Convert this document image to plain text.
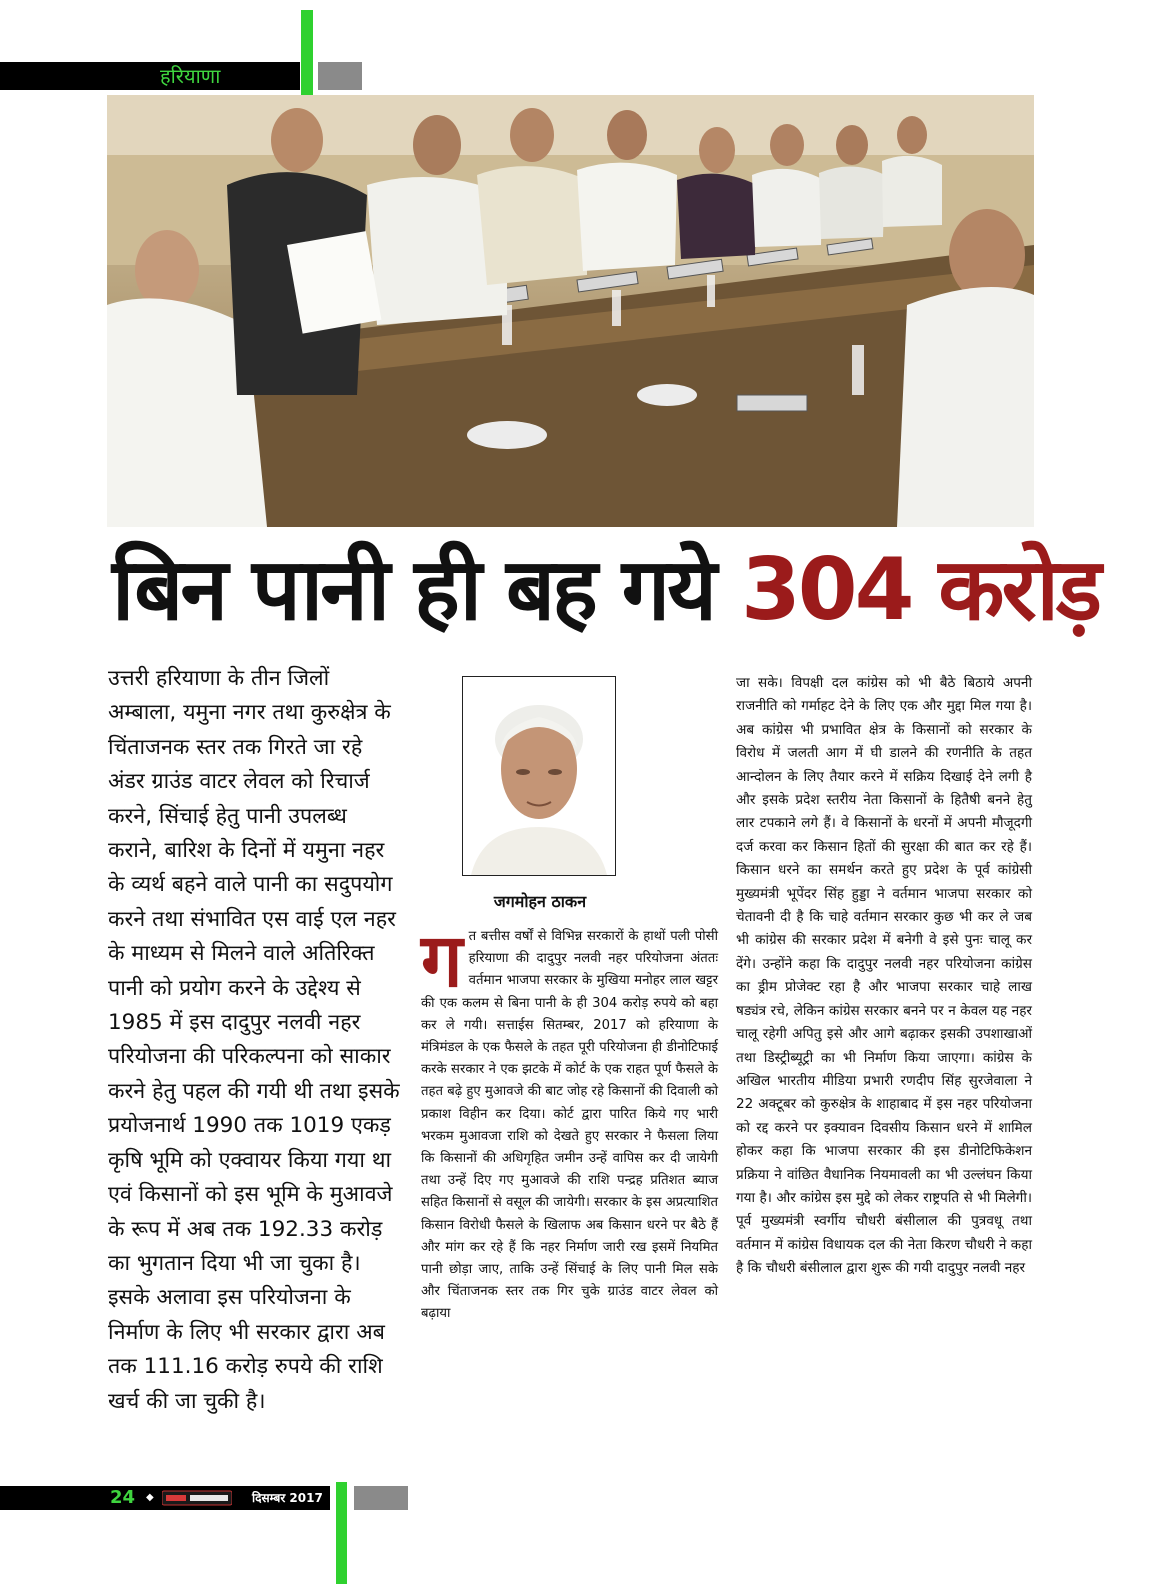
हरियाणा
बिन पानी ही बह गये 304 करोड़

उत्तरी हरियाणा के तीन जिलों अम्बाला, यमुना नगर तथा कुरुक्षेत्र के चिंताजनक स्तर तक गिरते जा रहे अंडर ग्राउंड वाटर लेवल को रिचार्ज करने, सिंचाई हेतु पानी उपलब्ध कराने, बारिश के दिनों में यमुना नहर के व्यर्थ बहने वाले पानी का सदुपयोग करने तथा संभावित एस वाई एल नहर के माध्यम से मिलने वाले अतिरिक्त पानी को प्रयोग करने के उद्देश्य से 1985 में इस दादुपुर नलवी नहर परियोजना की परिकल्पना को साकार करने हेतु पहल की गयी थी तथा इसके प्रयोजनार्थ 1990 तक 1019 एकड़ कृषि भूमि को एक्वायर किया गया था एवं किसानों को इस भूमि के मुआवजे के रूप में अब तक 192.33 करोड़ का भुगतान दिया भी जा चुका है। इसके अलावा इस परियोजना के निर्माण के लिए भी सरकार द्वारा अब तक 111.16 करोड़ रुपये की राशि खर्च की जा चुकी है।

जगमोहन ठाकन

गत बत्तीस वर्षों से विभिन्न सरकारों के हाथों पली पोसी हरियाणा की दादुपुर नलवी नहर परियोजना अंततः वर्तमान भाजपा सरकार के मुखिया मनोहर लाल खट्टर की एक कलम से बिना पानी के ही 304 करोड़ रुपये को बहा कर ले गयी। सत्ताईस सितम्बर, 2017 को हरियाणा के मंत्रिमंडल के एक फैसले के तहत पूरी परियोजना ही डीनोटिफाई करके सरकार ने एक झटके में कोर्ट के एक राहत पूर्ण फैसले के तहत बढ़े हुए मुआवजे की बाट जोह रहे किसानों की दिवाली को प्रकाश विहीन कर दिया। कोर्ट द्वारा पारित किये गए भारी भरकम मुआवजा राशि को देखते हुए सरकार ने फैसला लिया कि किसानों की अधिगृहित जमीन उन्हें वापिस कर दी जायेगी तथा उन्हें दिए गए मुआवजे की राशि पन्द्रह प्रतिशत ब्याज सहित किसानों से वसूल की जायेगी। सरकार के इस अप्रत्याशित किसान विरोधी फैसले के खिलाफ अब किसान धरने पर बैठे हैं और मांग कर रहे हैं कि नहर निर्माण जारी रख इसमें नियमित पानी छोड़ा जाए, ताकि उन्हें सिंचाई के लिए पानी मिल सके और चिंताजनक स्तर तक गिर चुके ग्राउंड वाटर लेवल को बढ़ाया

जा सके। विपक्षी दल कांग्रेस को भी बैठे बिठाये अपनी राजनीति को गर्माहट देने के लिए एक और मुद्दा मिल गया है। अब कांग्रेस भी प्रभावित क्षेत्र के किसानों को सरकार के विरोध में जलती आग में घी डालने की रणनीति के तहत आन्दोलन के लिए तैयार करने में सक्रिय दिखाई देने लगी है और इसके प्रदेश स्तरीय नेता किसानों के हितैषी बनने हेतु लार टपकाने लगे हैं। वे किसानों के धरनों में अपनी मौजूदगी दर्ज करवा कर किसान हितों की सुरक्षा की बात कर रहे हैं। किसान धरने का समर्थन करते हुए प्रदेश के पूर्व कांग्रेसी मुख्यमंत्री भूपेंदर सिंह हुड्डा ने वर्तमान भाजपा सरकार को चेतावनी दी है कि चाहे वर्तमान सरकार कुछ भी कर ले जब भी कांग्रेस की सरकार प्रदेश में बनेगी वे इसे पुनः चालू कर देंगे। उन्होंने कहा कि दादुपुर नलवी नहर परियोजना कांग्रेस का ड्रीम प्रोजेक्ट रहा है और भाजपा सरकार चाहे लाख षड्यंत्र रचे, लेकिन कांग्रेस सरकार बनने पर न केवल यह नहर चालू रहेगी अपितु इसे और आगे बढ़ाकर इसकी उपशाखाओं तथा डिस्ट्रीब्यूट्री का भी निर्माण किया जाएगा। कांग्रेस के अखिल भारतीय मीडिया प्रभारी रणदीप सिंह सुरजेवाला ने 22 अक्टूबर को कुरुक्षेत्र के शाहाबाद में इस नहर परियोजना को रद्द करने पर इक्यावन दिवसीय किसान धरने में शामिल होकर कहा कि भाजपा सरकार की इस डीनोटिफिकेशन प्रक्रिया ने वांछित वैधानिक नियमावली का भी उल्लंघन किया गया है। और कांग्रेस इस मुद्दे को लेकर राष्ट्रपति से भी मिलेगी। पूर्व मुख्यमंत्री स्वर्गीय चौधरी बंसीलाल की पुत्रवधू तथा वर्तमान में कांग्रेस विधायक दल की नेता किरण चौधरी ने कहा है कि चौधरी बंसीलाल द्वारा शुरू की गयी दादुपुर नलवी नहर

24 ◆	दिसम्बर 2017
